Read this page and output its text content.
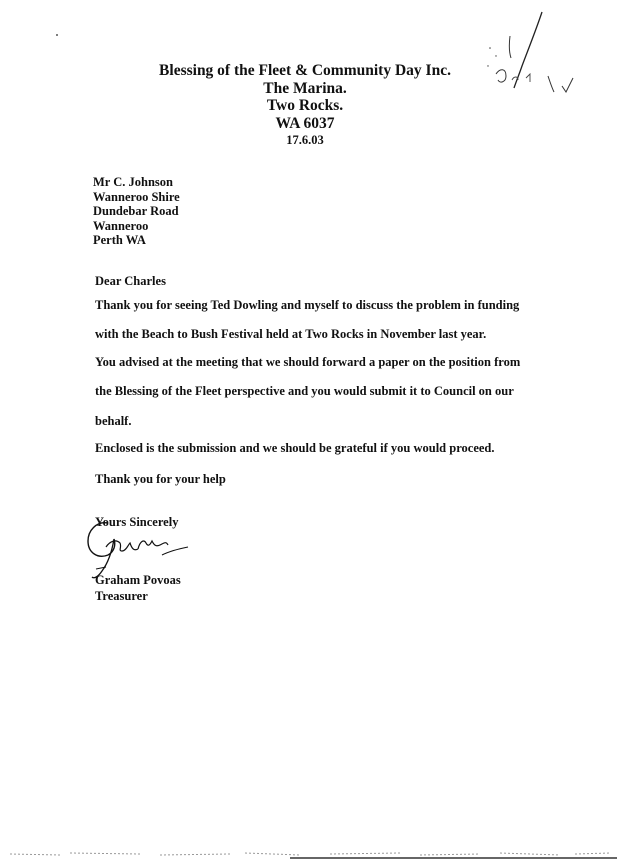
Blessing of the Fleet & Community Day Inc.
The Marina.
Two Rocks.
WA 6037
17.6.03
Mr C. Johnson
Wanneroo Shire
Dundebar Road
Wanneroo
Perth WA
Dear Charles
Thank you for seeing Ted Dowling and myself to discuss the problem in funding
with the Beach to Bush Festival held at Two Rocks in November last year.
You advised at the meeting that we should forward a paper on the position from
the Blessing of the Fleet perspective and you would submit it to Council on our
behalf.
Enclosed is the submission and we should be grateful if you would proceed.
Thank you for your help
Yours Sincerely
Graham Povoas
Treasurer
